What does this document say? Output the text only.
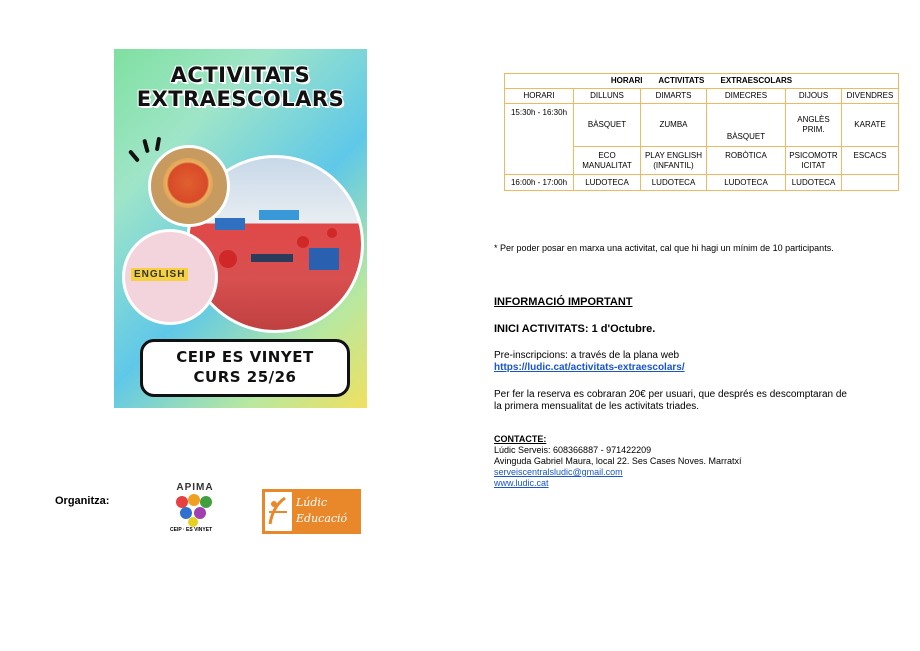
ACTIVITATS
EXTRAESCOLARS
ENGLISH
CEIP ES VINYET
CURS 25/26
Organitza:
APIMA
CEIP · ES VINYET
Lúdic
Educació
HORARI ACTIVITATS EXTRAESCOLARS					
HORARI	DILLUNS	DIMARTS	DIMECRES	DIJOUS	DIVENDRES
15:30h - 16:30h	BÀSQUET	ZUMBA	BÀSQUET	ANGLÈS PRIM.	KARATE
	ECO MANUALITAT	PLAY ENGLISH (INFANTIL)	ROBÒTICA	PSICOMOTR ICITAT	ESCACS
16:00h - 17:00h	LUDOTECA	LUDOTECA	LUDOTECA	LUDOTECA	
* Per poder posar en marxa una activitat, cal que hi hagi un mínim de 10 participants.
INFORMACIÓ IMPORTANT
INICI ACTIVITATS: 1 d'Octubre.
Pre-inscripcions: a través de la plana web
https://ludic.cat/activitats-extraescolars/
Per fer la reserva es cobraran 20€ per usuari, que després es descomptaran de
la primera mensualitat de les activitats triades.
CONTACTE:
Lúdic Serveis: 608366887 - 971422209
Avinguda Gabriel Maura, local 22. Ses Cases Noves. Marratxí
serveiscentralsludic@gmail.com
www.ludic.cat
